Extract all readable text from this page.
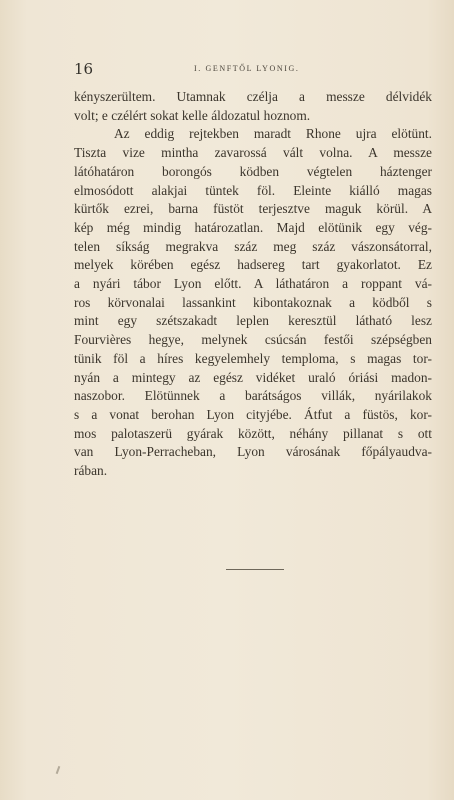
16	I. GENFTŐL LYONIG.
kényszerültem. Utamnak czélja a messze délvidék
volt; e czélért sokat kelle áldozatul hoznom.
Az eddig rejtekben maradt Rhone ujra elötünt.
Tiszta vize mintha zavarossá vált volna. A messze
látóhatáron borongós ködben végtelen háztenger
elmosódott alakjai tüntek föl. Eleinte kiálló magas
kürtők ezrei, barna füstöt terjesztve maguk körül. A
kép még mindig határozatlan. Majd elötünik egy vég-
telen síkság megrakva száz meg száz vászonsátorral,
melyek körében egész hadsereg tart gyakorlatot. Ez
a nyári tábor Lyon előtt. A láthatáron a roppant vá-
ros körvonalai lassankint kibontakoznak a ködből s
mint egy szétszakadt leplen keresztül látható lesz
Fourvières hegye, melynek csúcsán festői szépségben
tünik föl a híres kegyelemhely temploma, s magas tor-
nyán a mintegy az egész vidéket uraló óriási madon-
naszobor. Elötünnek a barátságos villák, nyárilakok
s a vonat berohan Lyon cityjébe. Átfut a füstös, kor-
mos palotaszerü gyárak között, néhány pillanat s ott
van Lyon-Perracheban, Lyon városának főpályaudva-
rában.
